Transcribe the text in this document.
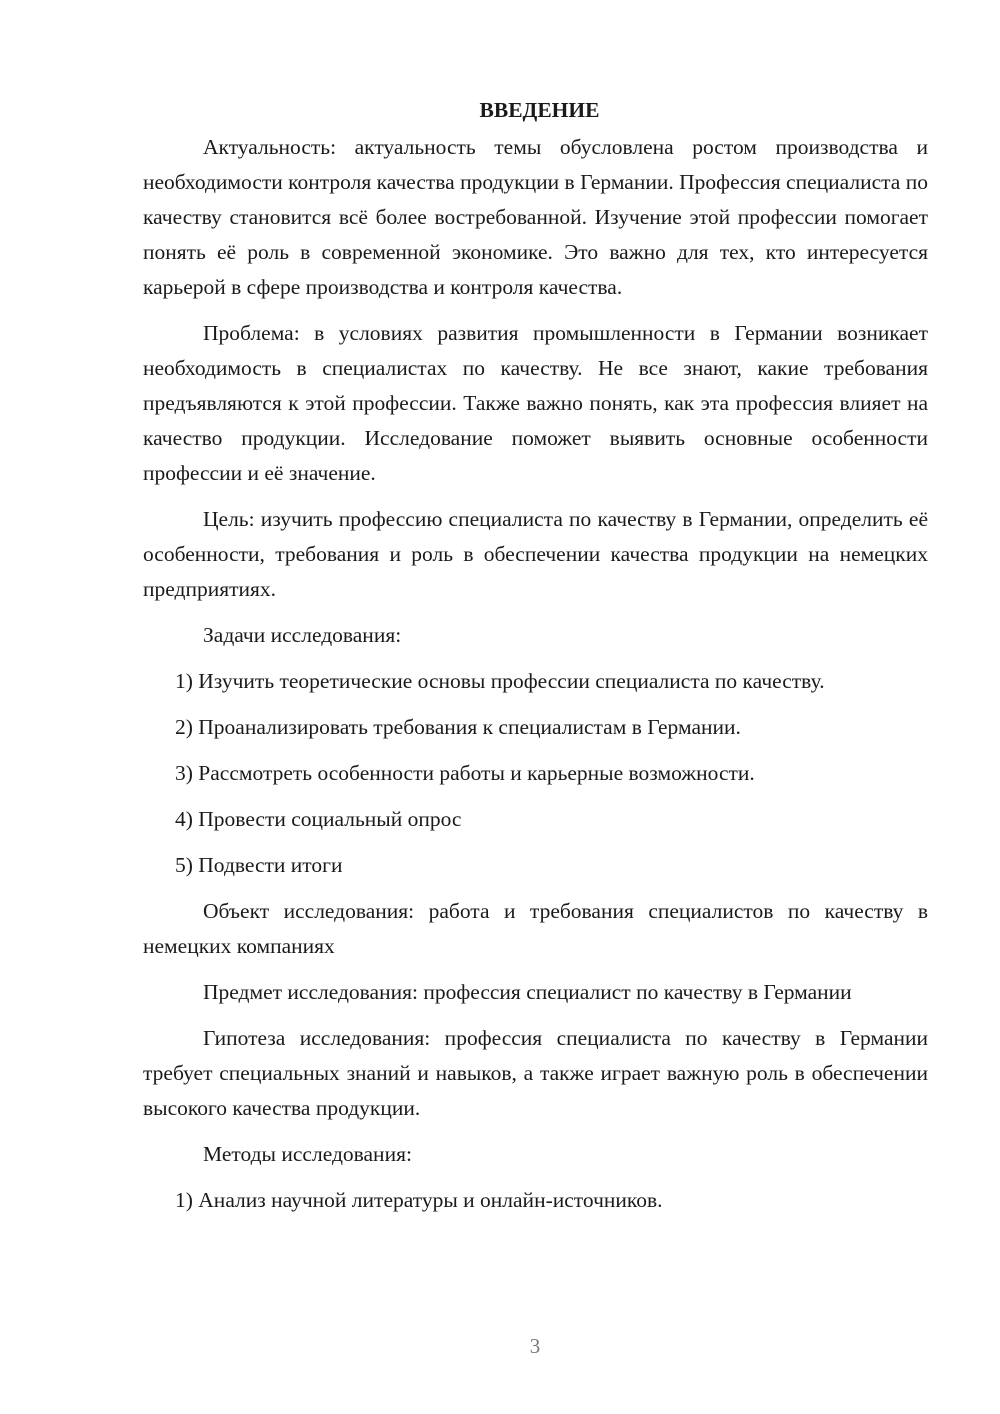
ВВЕДЕНИЕ

Актуальность: актуальность темы обусловлена ростом производства и необходимости контроля качества продукции в Германии. Профессия специалиста по качеству становится всё более востребованной. Изучение этой профессии помогает понять её роль в современной экономике. Это важно для тех, кто интересуется карьерой в сфере производства и контроля качества.

Проблема: в условиях развития промышленности в Германии возникает необходимость в специалистах по качеству. Не все знают, какие требования предъявляются к этой профессии. Также важно понять, как эта профессия влияет на качество продукции. Исследование поможет выявить основные особенности профессии и её значение.

Цель: изучить профессию специалиста по качеству в Германии, определить её особенности, требования и роль в обеспечении качества продукции на немецких предприятиях.

Задачи исследования:

1) Изучить теоретические основы профессии специалиста по качеству.
2) Проанализировать требования к специалистам в Германии.
3) Рассмотреть особенности работы и карьерные возможности.
4) Провести социальный опрос
5) Подвести итоги

Объект исследования: работа и требования специалистов по качеству в немецких компаниях

Предмет исследования: профессия специалист по качеству в Германии

Гипотеза исследования: профессия специалиста по качеству в Германии требует специальных знаний и навыков, а также играет важную роль в обеспечении высокого качества продукции.

Методы исследования:

1) Анализ научной литературы и онлайн-источников.
3
